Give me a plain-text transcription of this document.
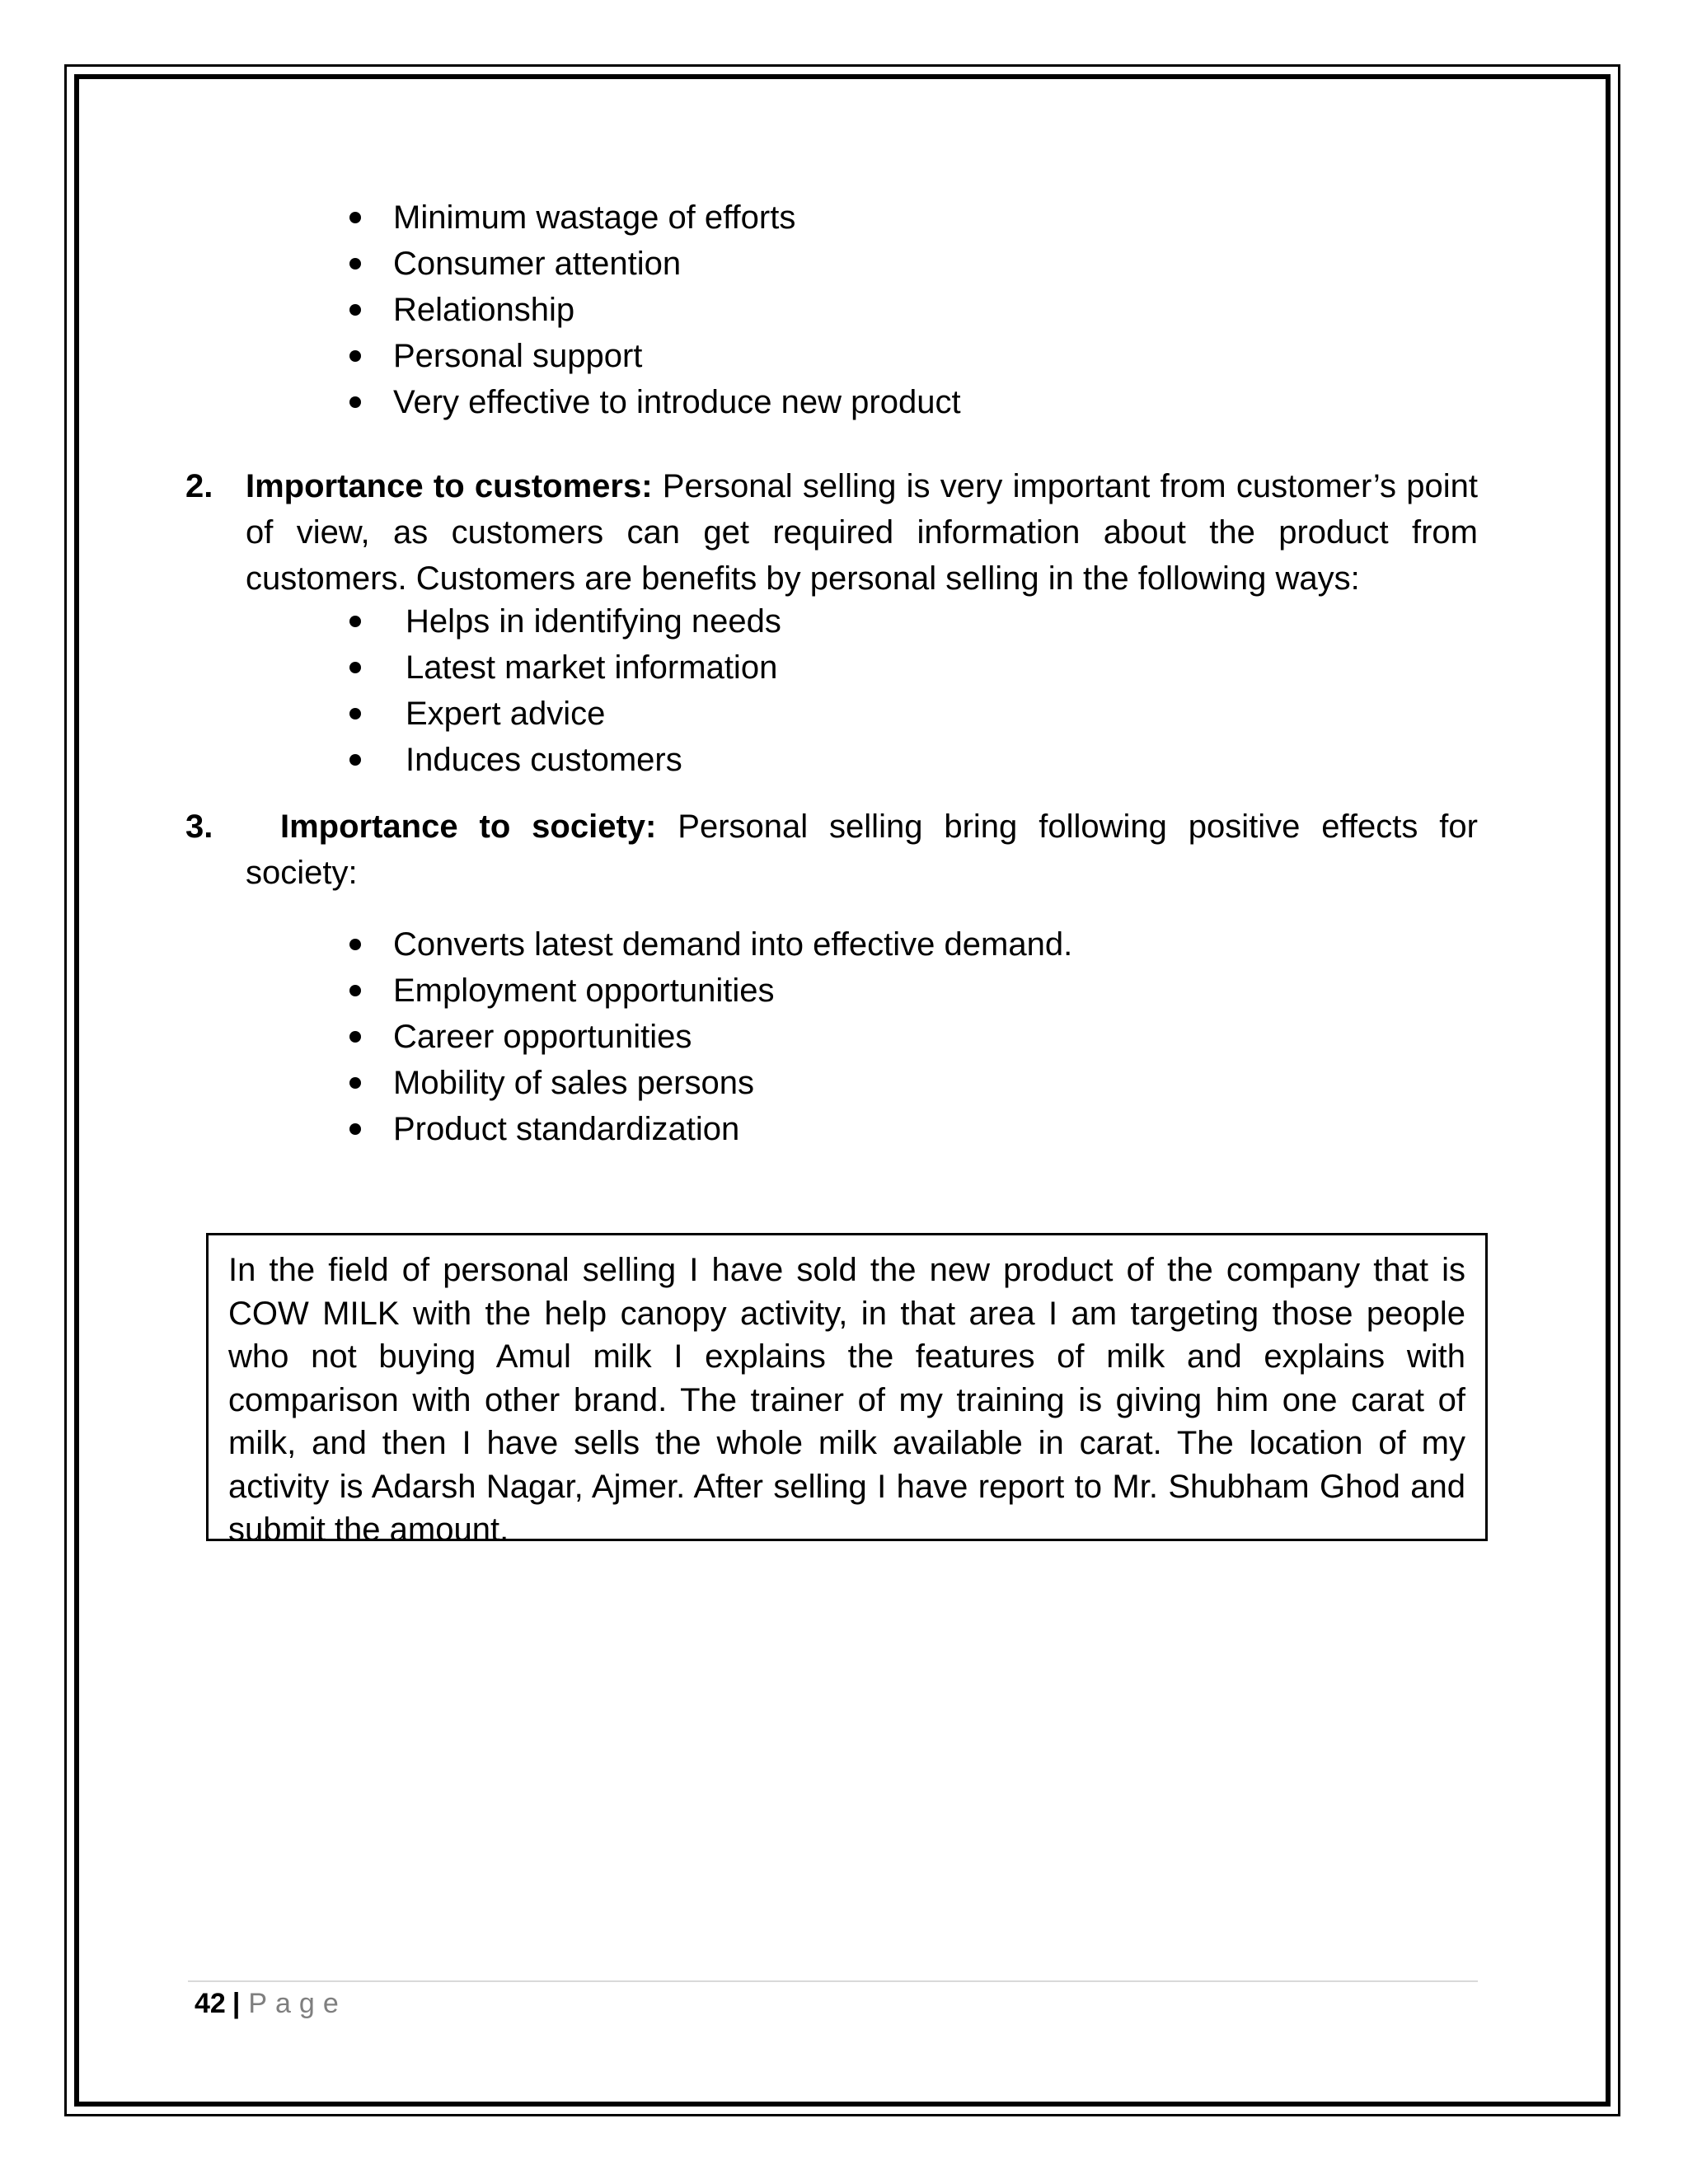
Minimum wastage of efforts
Consumer attention
Relationship
Personal support
Very effective to introduce new product
2. Importance to customers: Personal selling is very important from customer’s point of view, as customers can get required information about the product from customers. Customers are benefits by personal selling in the following ways:
Helps in identifying needs
Latest market information
Expert advice
Induces customers
3. Importance to society: Personal selling bring following positive effects for society:
Converts latest demand into effective demand.
Employment opportunities
Career opportunities
Mobility of sales persons
Product standardization

In the field of personal selling I have sold the new product of the company that is COW MILK with the help canopy activity, in that area I am targeting those people who not buying Amul milk I explains the features of milk and explains with comparison with other brand. The trainer of my training is giving him one carat of milk, and then I have sells the whole milk available in carat. The location of my activity is Adarsh Nagar, Ajmer. After selling I have report to Mr. Shubham Ghod and submit the amount.

42 | Page
